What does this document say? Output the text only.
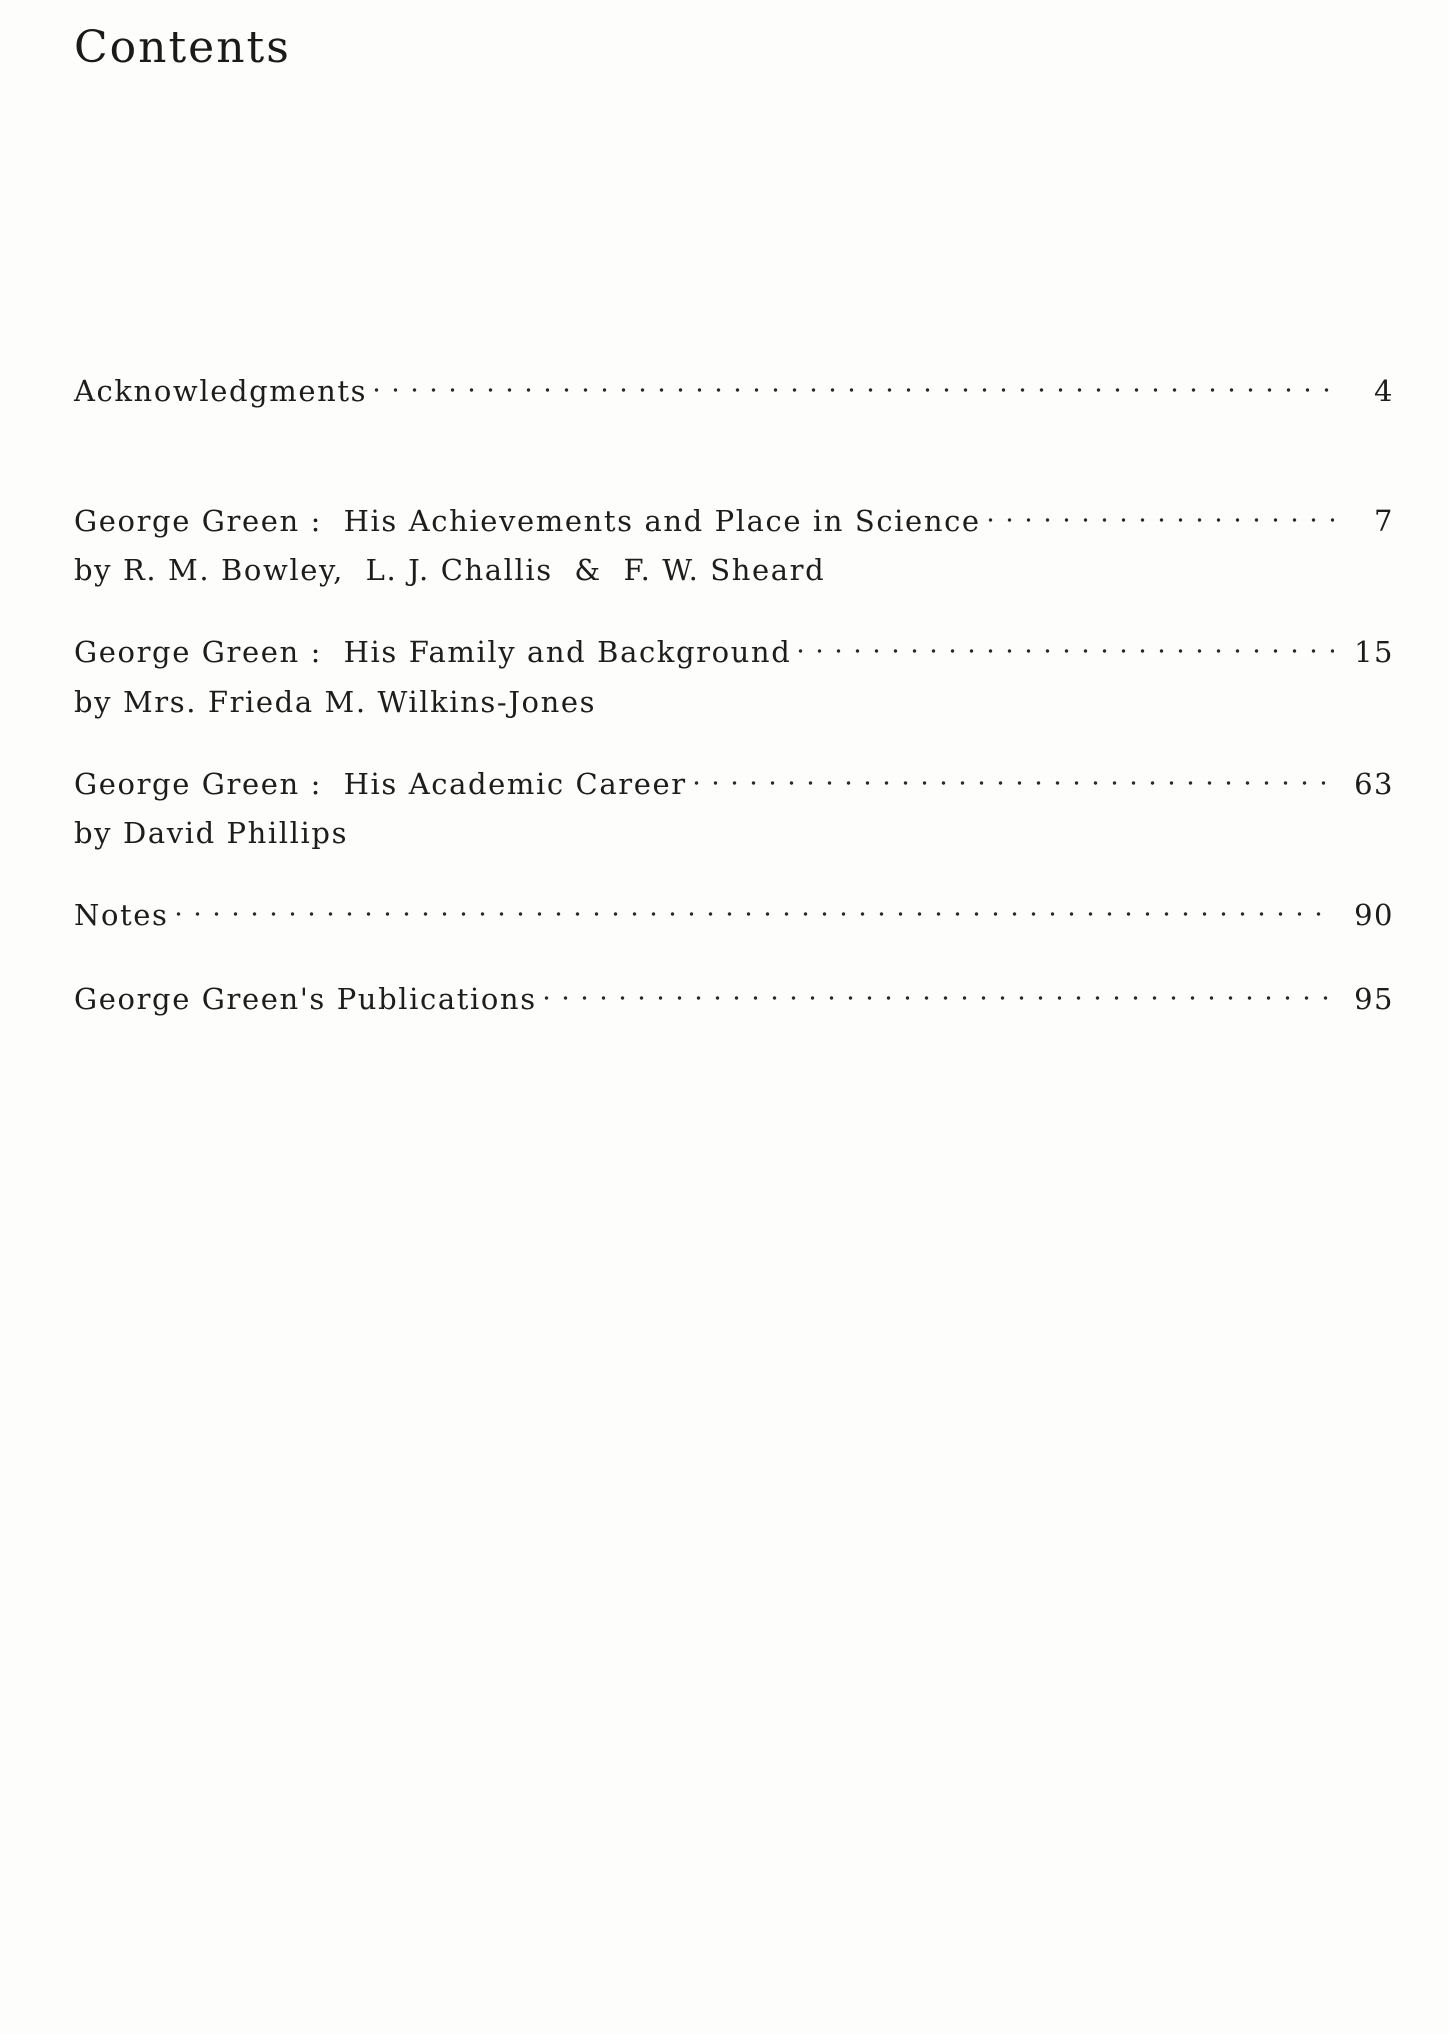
Contents
Acknowledgments	4
George Green :  His Achievements and Place in Science	7
by R. M. Bowley,  L. J. Challis  &  F. W. Sheard
George Green :  His Family and Background	15
by Mrs. Frieda M. Wilkins-Jones
George Green :  His Academic Career	63
by David Phillips
Notes	90
George Green's Publications	95
